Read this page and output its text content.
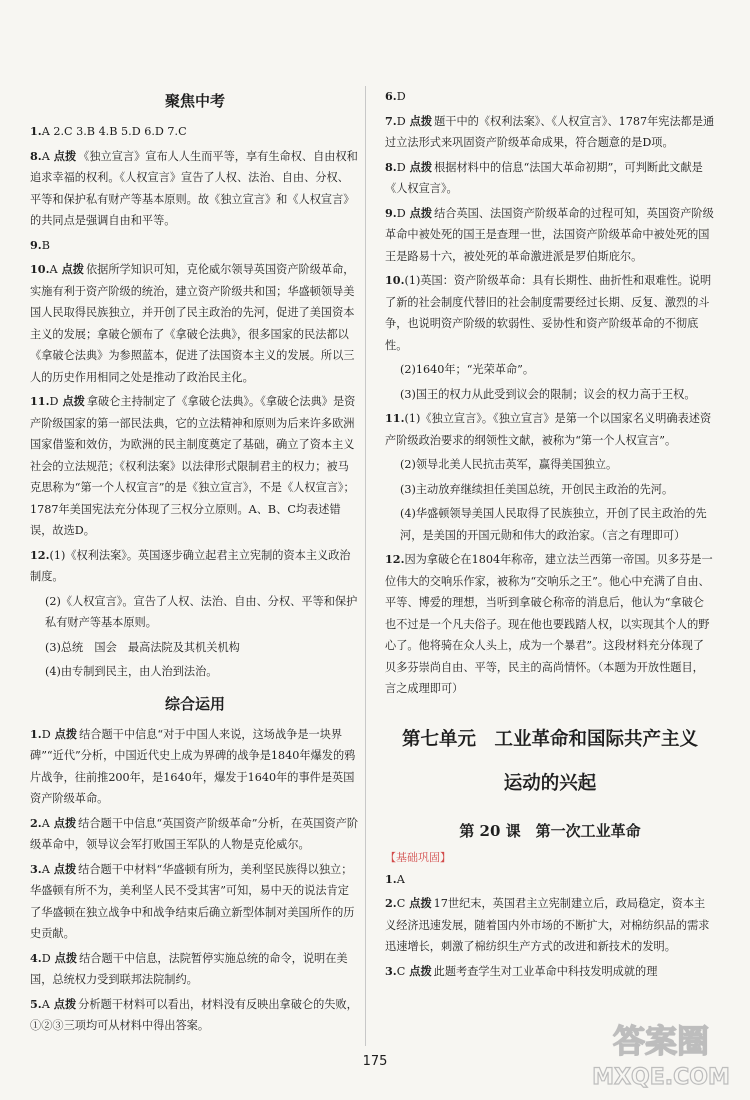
聚焦中考
1.A 2.C 3.B 4.B 5.D 6.D 7.C
8.A 点拨 《独立宣言》宣布人人生而平等，享有生命权、自由权和追求幸福的权利。《人权宣言》宣告了人权、法治、自由、分权、平等和保护私有财产等基本原则。故《独立宣言》和《人权宣言》的共同点是强调自由和平等。
9.B
10.A 点拨 依据所学知识可知，克伦威尔领导英国资产阶级革命，实施有利于资产阶级的统治，建立资产阶级共和国；华盛顿领导美国人民取得民族独立，并开创了民主政治的先河，促进了美国资本主义的发展；拿破仑颁布了《拿破仑法典》，很多国家的民法都以《拿破仑法典》为参照蓝本，促进了法国资本主义的发展。所以三人的历史作用相同之处是推动了政治民主化。
11.D 点拨 拿破仑主持制定了《拿破仑法典》。《拿破仑法典》是资产阶级国家的第一部民法典，它的立法精神和原则为后来许多欧洲国家借鉴和效仿，为欧洲的民主制度奠定了基础，确立了资本主义社会的立法规范；《权利法案》以法律形式限制君主的权力；被马克思称为“第一个人权宣言”的是《独立宣言》，不是《人权宣言》；1787年美国宪法充分体现了三权分立原则。A、B、C均表述错误，故选D。
12.(1)《权利法案》。英国逐步确立起君主立宪制的资本主义政治制度。
(2)《人权宣言》。宣告了人权、法治、自由、分权、平等和保护私有财产等基本原则。
(3)总统　国会　最高法院及其机关机构
(4)由专制到民主，由人治到法治。
综合运用
1.D 点拨 结合题干中信息“对于中国人来说，这场战争是一块界碑”“近代”分析，中国近代史上成为界碑的战争是1840年爆发的鸦片战争，往前推200年，是1640年，爆发于1640年的事件是英国资产阶级革命。
2.A 点拨 结合题干中信息“英国资产阶级革命”分析，在英国资产阶级革命中，领导议会军打败国王军队的人物是克伦威尔。
3.A 点拨 结合题干中材料“华盛顿有所为，美利坚民族得以独立；华盛顿有所不为，美利坚人民不受其害”可知，易中天的说法肯定了华盛顿在独立战争中和战争结束后确立新型体制对美国所作的历史贡献。
4.D 点拨 结合题干中信息，法院暂停实施总统的命令，说明在美国，总统权力受到联邦法院制约。
5.A 点拨 分析题干材料可以看出，材料没有反映出拿破仑的失败，①②③三项均可从材料中得出答案。
6.D
7.D 点拨 题干中的《权利法案》、《人权宣言》、1787年宪法都是通过立法形式来巩固资产阶级革命成果，符合题意的是D项。
8.D 点拨 根据材料中的信息“法国大革命初期”，可判断此文献是《人权宣言》。
9.D 点拨 结合英国、法国资产阶级革命的过程可知，英国资产阶级革命中被处死的国王是查理一世，法国资产阶级革命中被处死的国王是路易十六，被处死的革命激进派是罗伯斯庇尔。
10.(1)英国：资产阶级革命：具有长期性、曲折性和艰难性。说明了新的社会制度代替旧的社会制度需要经过长期、反复、激烈的斗争，也说明资产阶级的软弱性、妥协性和资产阶级革命的不彻底性。
(2)1640年；“光荣革命”。
(3)国王的权力从此受到议会的限制；议会的权力高于王权。
11.(1)《独立宣言》。《独立宣言》是第一个以国家名义明确表述资产阶级政治要求的纲领性文献，被称为“第一个人权宣言”。
(2)领导北美人民抗击英军，赢得美国独立。
(3)主动放弃继续担任美国总统，开创民主政治的先河。
(4)华盛顿领导美国人民取得了民族独立，开创了民主政治的先河，是美国的开国元勋和伟大的政治家。（言之有理即可）
12.因为拿破仑在1804年称帝，建立法兰西第一帝国。贝多芬是一位伟大的交响乐作家，被称为“交响乐之王”。他心中充满了自由、平等、博爱的理想，当听到拿破仑称帝的消息后，他认为“拿破仑也不过是一个凡夫俗子。现在他也要践踏人权，以实现其个人的野心了。他将骑在众人头上，成为一个暴君”。这段材料充分体现了贝多芬崇尚自由、平等，民主的高尚情怀。（本题为开放性题目，言之成理即可）
第七单元　工业革命和国际共产主义
运动的兴起
第 20 课　第一次工业革命
【基础巩固】
1.A
2.C 点拨 17世纪末，英国君主立宪制建立后，政局稳定，资本主义经济迅速发展，随着国内外市场的不断扩大，对棉纺织品的需求迅速增长，刺激了棉纺织生产方式的改进和新技术的发明。
3.C 点拨 此题考查学生对工业革命中科技发明成就的理
175
答案圈
MXQE.COM
